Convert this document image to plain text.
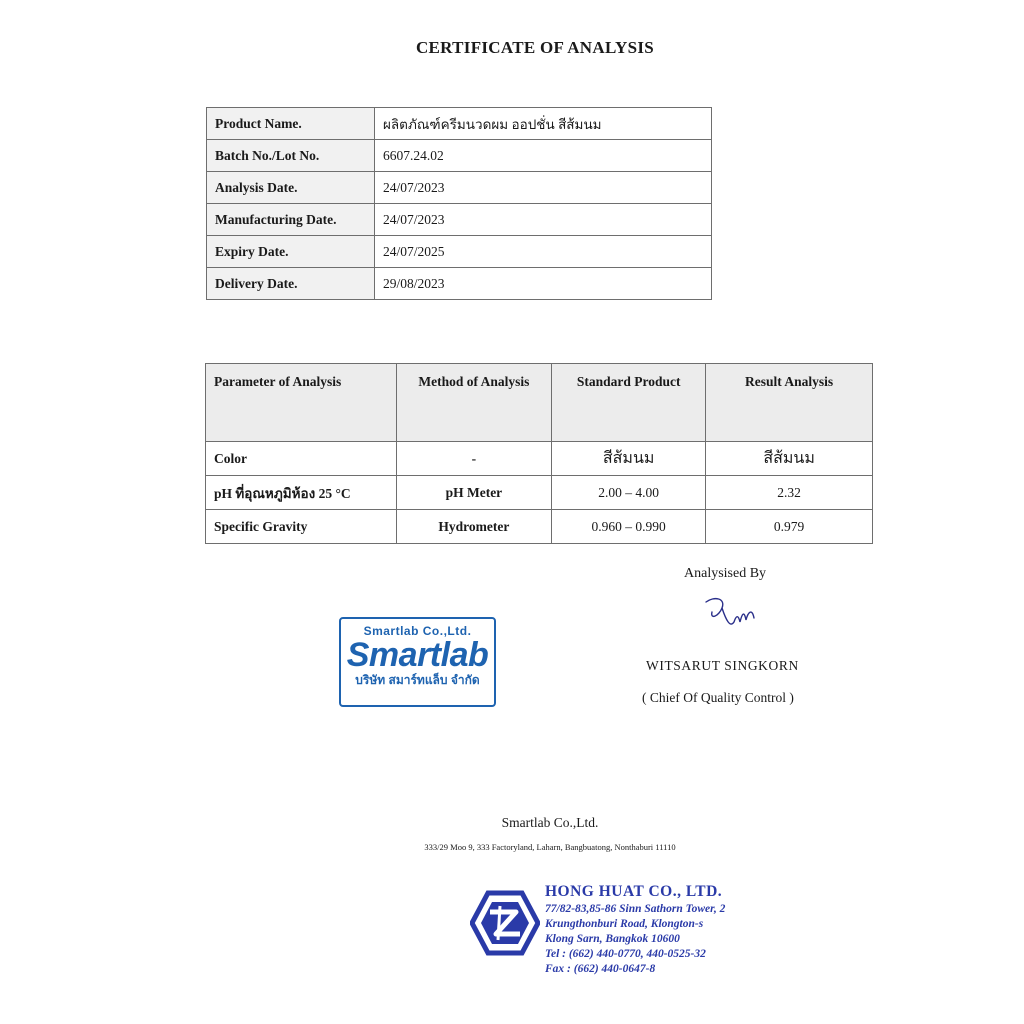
CERTIFICATE OF ANALYSIS
Product Name.	ผลิตภัณฑ์ครีมนวดผม ออปชั่น สีส้มนม
Batch No./Lot No.	6607.24.02
Analysis Date.	24/07/2023
Manufacturing Date.	24/07/2023
Expiry Date.	24/07/2025
Delivery Date.	29/08/2023
Parameter of Analysis	Method of Analysis	Standard Product	Result Analysis
Color	-	สีส้มนม	สีส้มนม
pH ที่อุณหภูมิห้อง 25 °C	pH Meter	2.00 – 4.00	2.32
Specific Gravity	Hydrometer	0.960 – 0.990	0.979
Analysised By
WITSARUT SINGKORN
( Chief Of Quality Control )
Smartlab Co.,Ltd.
Smartlab
บริษัท สมาร์ทแล็บ จำกัด
Smartlab Co.,Ltd.
333/29 Moo 9, 333 Factoryland, Laharn, Bangbuatong, Nonthaburi 11110
HONG HUAT CO., LTD.
77/82-83,85-86 Sinn Sathorn Tower, 2
Krungthonburi Road, Klongton-s
Klong Sarn, Bangkok 10600
Tel : (662) 440-0770, 440-0525-32
Fax : (662) 440-0647-8
